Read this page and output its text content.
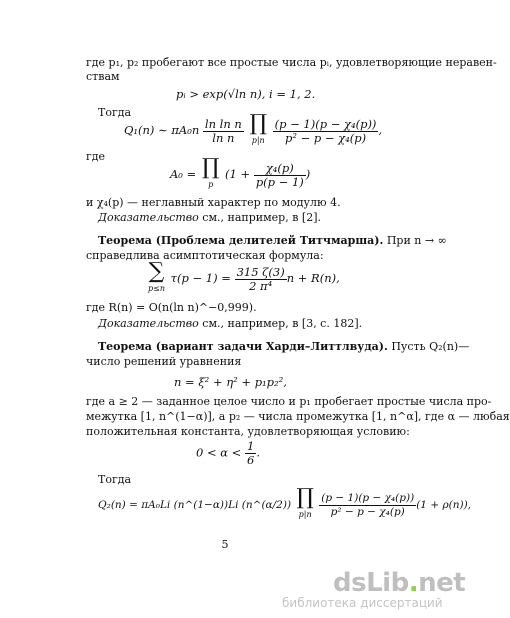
где p₁, p₂ пробегают все простые числа pᵢ, удовлетворяющие неравен-
ствам
pᵢ > exp(√ln n), i = 1, 2.
Тогда
Q₁(n) ∼ $\pi A_0n \frac{\text{ln ln n}}{\text{ln n}}$
∏
p|n
$\frac{\text{(p − 1)(p − χ₄(p))}}{\text{p² − p − χ₄(p)}}$ ,
где
A₀ = ∏
p
($1 + \frac{\text{χ₄(p)}}{p(p - 1)}$ )
и χ₄(p) — неглавный характер по модулю 4.
Доказательство см., например, в [2].
Теорема (Проблема делителей Титчмарша). При n → ∞
справедлива асимптотическая формула:
∑
p≤n
$\tau(p - 1) = \frac{315 \zeta(3)}{\text{2 π⁴}}$ n + R(n),
где R(n) = O(n(ln n)^−0,999).
Доказательство см., например, в [3, с. 182].
Теорема (вариант задачи Харди–Литтлвуда). Пусть Q₂(n)—
число решений уравнения
n = ξ² + η² + p₁p₂²,
где a ≥ 2 — заданное целое число и p₁ пробегает простые числа про-
межутка [1, n^(1−α)], а p₂ — числа промежутка [1, n^α], где α — любая
положительная константа, удовлетворяющая условию:
$0 < \alpha < \frac{1}{6}$ .
Тогда
Q₂(n) = πA₀Li (n^(1−α))Li (n^(α/2)) ∏
p|n
$\frac{\text{(p − 1)(p − χ₄(p))}}{\text{p² − p − χ₄(p)}} (1 + \rho(n))$,
5
dsLib.net
библиотека диссертаций
